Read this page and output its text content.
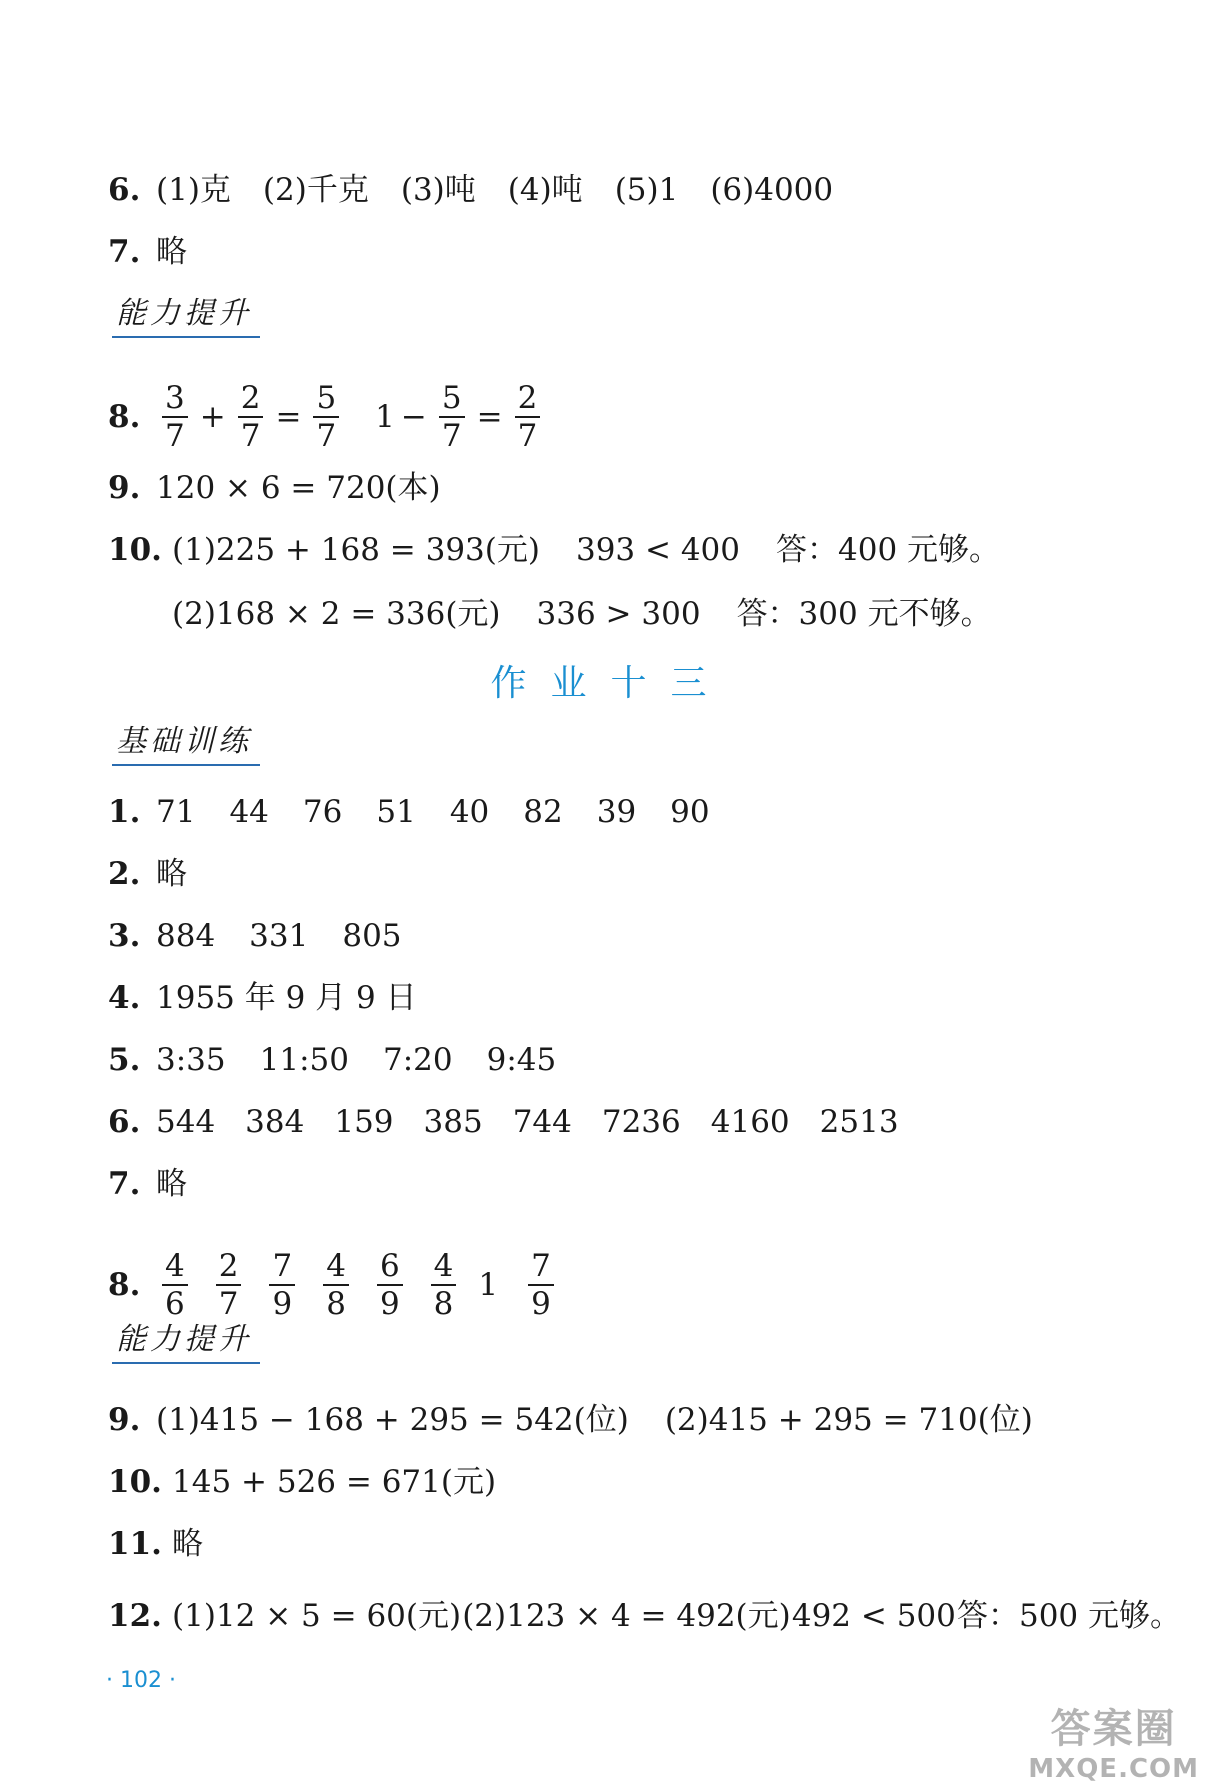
6. (1)克 (2)千克 (3)吨 (4)吨 (5)1 (6)4000
7. 略
能力提升
8. $\frac{3}{7} + \frac{2}{7} = \frac{5}{7} 1 - \frac{5}{7} = \frac{2}{7}$
9. 120 × 6 = 720(本)
10. (1)225 + 168 = 393(元) 393 < 400 答：400 元够。
(2)168 × 2 = 336(元) 336 > 300 答：300 元不够。
作业十三
基础训练
1. 71 44 76 51 40 82 39 90
2. 略
3. 884 331 805
4. 1955 年 9 月 9 日
5. 3:35 11:50 7:20 9:45
6. 544 384 159 385 744 7236 4160 2513
7. 略
8. $\frac{4}{6} \frac{2}{7} \frac{7}{9} \frac{4}{8} \frac{6}{9} \frac{4}{8} 1 \frac{7}{9}$
能力提升
9. (1)415 − 168 + 295 = 542(位) (2)415 + 295 = 710(位)
10. 145 + 526 = 671(元)
11. 略
12. (1)12 × 5 = 60(元) (2)123 × 4 = 492(元) 492 < 500 答：500 元够。
· 102 ·
答案圈
MXQE.COM
